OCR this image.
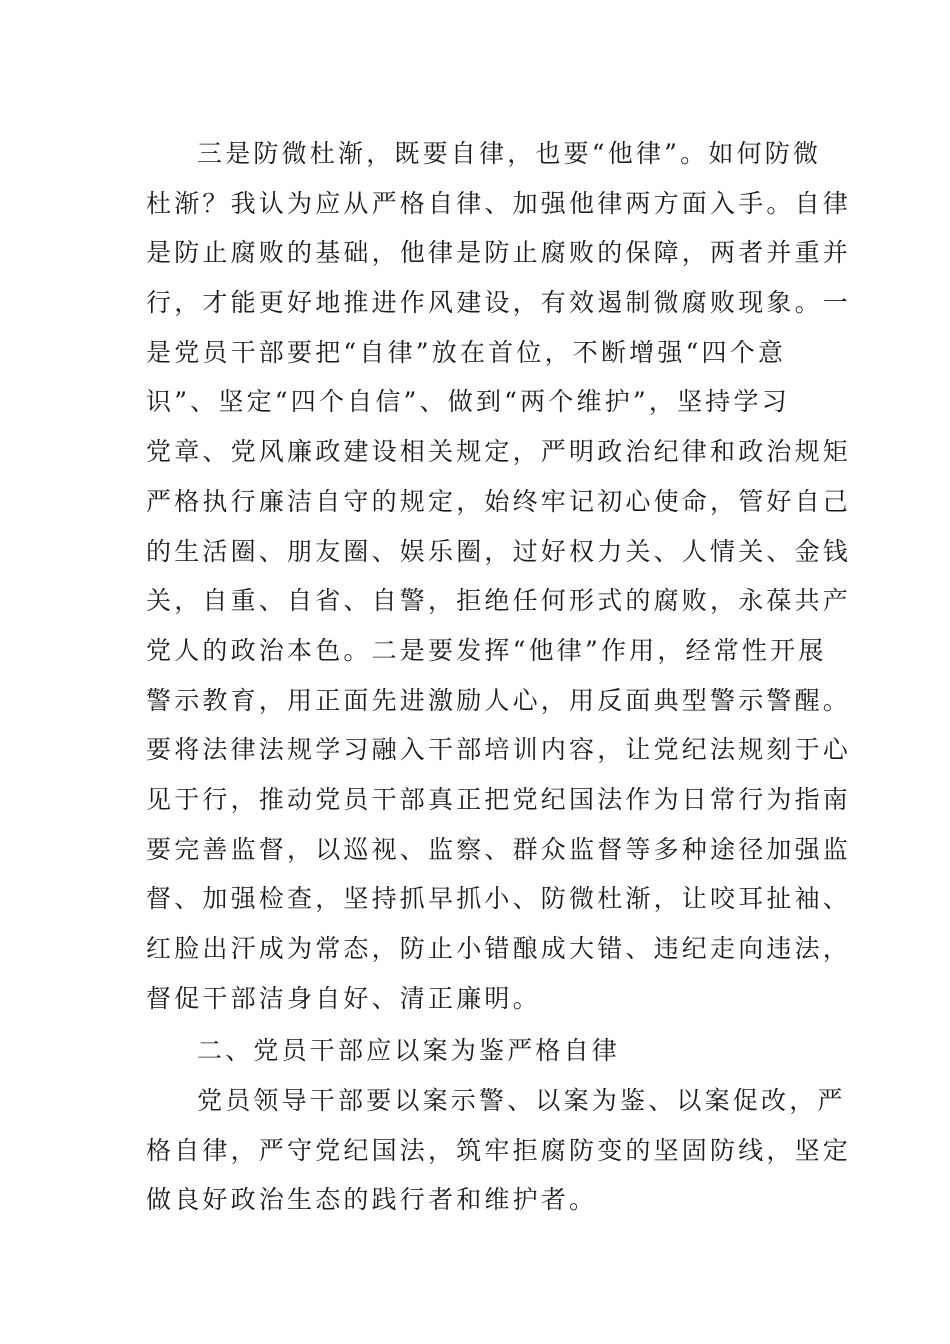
三是防微杜渐，既要自律，也要“他律”。如何防微
杜渐？我认为应从严格自律、加强他律两方面入手。自律
是防止腐败的基础，他律是防止腐败的保障，两者并重并
行，才能更好地推进作风建设，有效遏制微腐败现象。一
是党员干部要把“自律”放在首位，不断增强“四个意
识”、坚定“四个自信”、做到“两个维护”，坚持学习
党章、党风廉政建设相关规定，严明政治纪律和政治规矩
严格执行廉洁自守的规定，始终牢记初心使命，管好自己
的生活圈、朋友圈、娱乐圈，过好权力关、人情关、金钱
关，自重、自省、自警，拒绝任何形式的腐败，永葆共产
党人的政治本色。二是要发挥“他律”作用，经常性开展
警示教育，用正面先进激励人心，用反面典型警示警醒。
要将法律法规学习融入干部培训内容，让党纪法规刻于心
见于行，推动党员干部真正把党纪国法作为日常行为指南
要完善监督，以巡视、监察、群众监督等多种途径加强监
督、加强检查，坚持抓早抓小、防微杜渐，让咬耳扯袖、
红脸出汗成为常态，防止小错酿成大错、违纪走向违法，
督促干部洁身自好、清正廉明。
二、党员干部应以案为鉴严格自律
党员领导干部要以案示警、以案为鉴、以案促改，严
格自律，严守党纪国法，筑牢拒腐防变的坚固防线，坚定
做良好政治生态的践行者和维护者。
